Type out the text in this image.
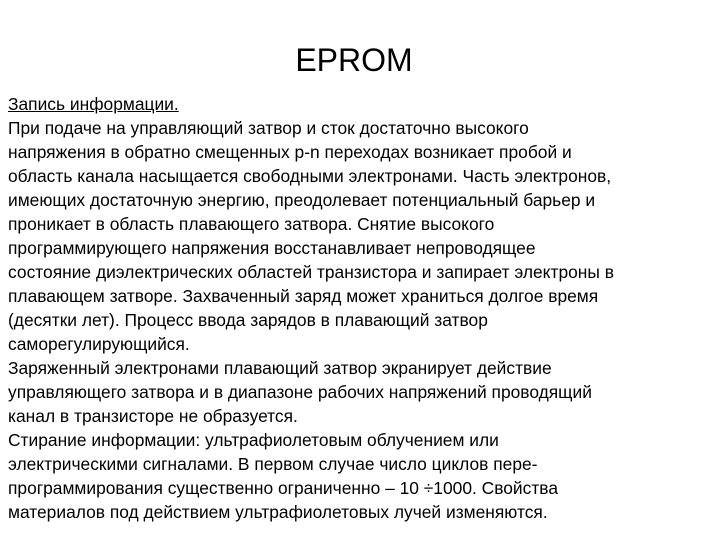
EPROM
Запись информации.
При подаче на управляющий затвор и сток достаточно высокого
напряжения в обратно смещенных p-n переходах возникает пробой и
область канала насыщается свободными электронами. Часть электронов,
имеющих достаточную энергию, преодолевает потенциальный барьер и
проникает в область плавающего затвора. Снятие высокого
программирующего напряжения восстанавливает непроводящее
состояние диэлектрических областей транзистора и запирает электроны в
плавающем затворе. Захваченный заряд может храниться долгое время
(десятки лет). Процесс ввода зарядов в плавающий затвор
саморегулирующийся.
Заряженный электронами плавающий затвор экранирует действие
управляющего затвора и в диапазоне рабочих напряжений проводящий
канал в транзисторе не образуется.
Стирание информации: ультрафиолетовым облучением или
электрическими сигналами. В первом случае число циклов пере-
программирования существенно ограниченно – 10 ÷1000. Свойства
материалов под действием ультрафиолетовых лучей изменяются.
